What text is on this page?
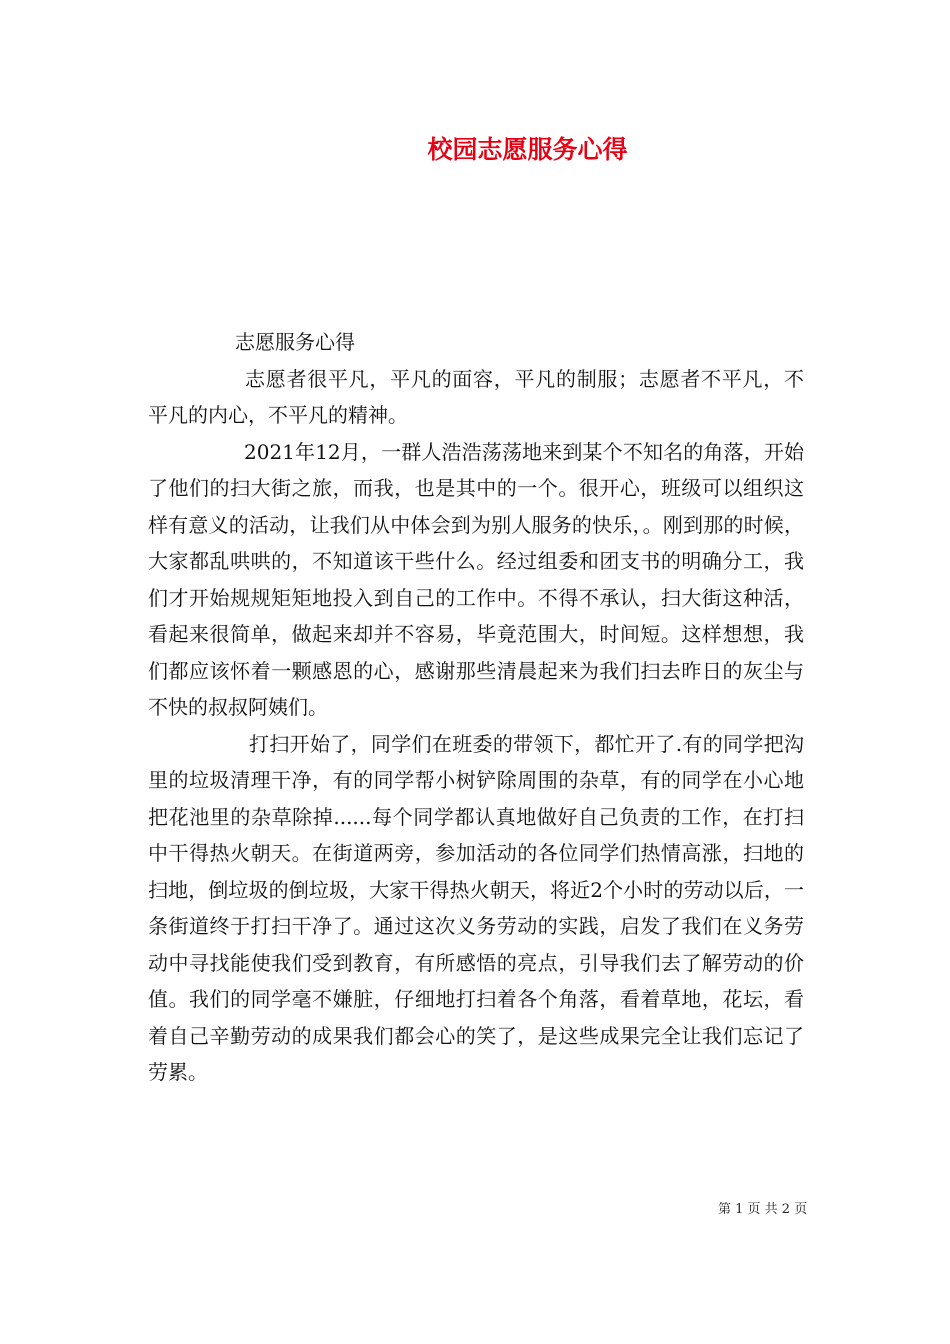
校园志愿服务心得

志愿服务心得

志愿者很平凡，平凡的面容，平凡的制服；志愿者不平凡，不平凡的内心，不平凡的精神。

2021年12月，一群人浩浩荡荡地来到某个不知名的角落，开始了他们的扫大街之旅，而我，也是其中的一个。很开心，班级可以组织这样有意义的活动，让我们从中体会到为别人服务的快乐，。刚到那的时候，大家都乱哄哄的，不知道该干些什么。经过组委和团支书的明确分工，我们才开始规规矩矩地投入到自己的工作中。不得不承认，扫大街这种活，看起来很简单，做起来却并不容易，毕竟范围大，时间短。这样想想，我们都应该怀着一颗感恩的心，感谢那些清晨起来为我们扫去昨日的灰尘与不快的叔叔阿姨们。

打扫开始了，同学们在班委的带领下，都忙开了.有的同学把沟里的垃圾清理干净，有的同学帮小树铲除周围的杂草，有的同学在小心地把花池里的杂草除掉......每个同学都认真地做好自己负责的工作，在打扫中干得热火朝天。在街道两旁，参加活动的各位同学们热情高涨，扫地的扫地，倒垃圾的倒垃圾，大家干得热火朝天，将近2个小时的劳动以后，一条街道终于打扫干净了。通过这次义务劳动的实践，启发了我们在义务劳动中寻找能使我们受到教育，有所感悟的亮点，引导我们去了解劳动的价值。我们的同学毫不嫌脏，仔细地打扫着各个角落，看着草地，花坛，看着自己辛勤劳动的成果我们都会心的笑了，是这些成果完全让我们忘记了劳累。

第 1 页 共 2 页
